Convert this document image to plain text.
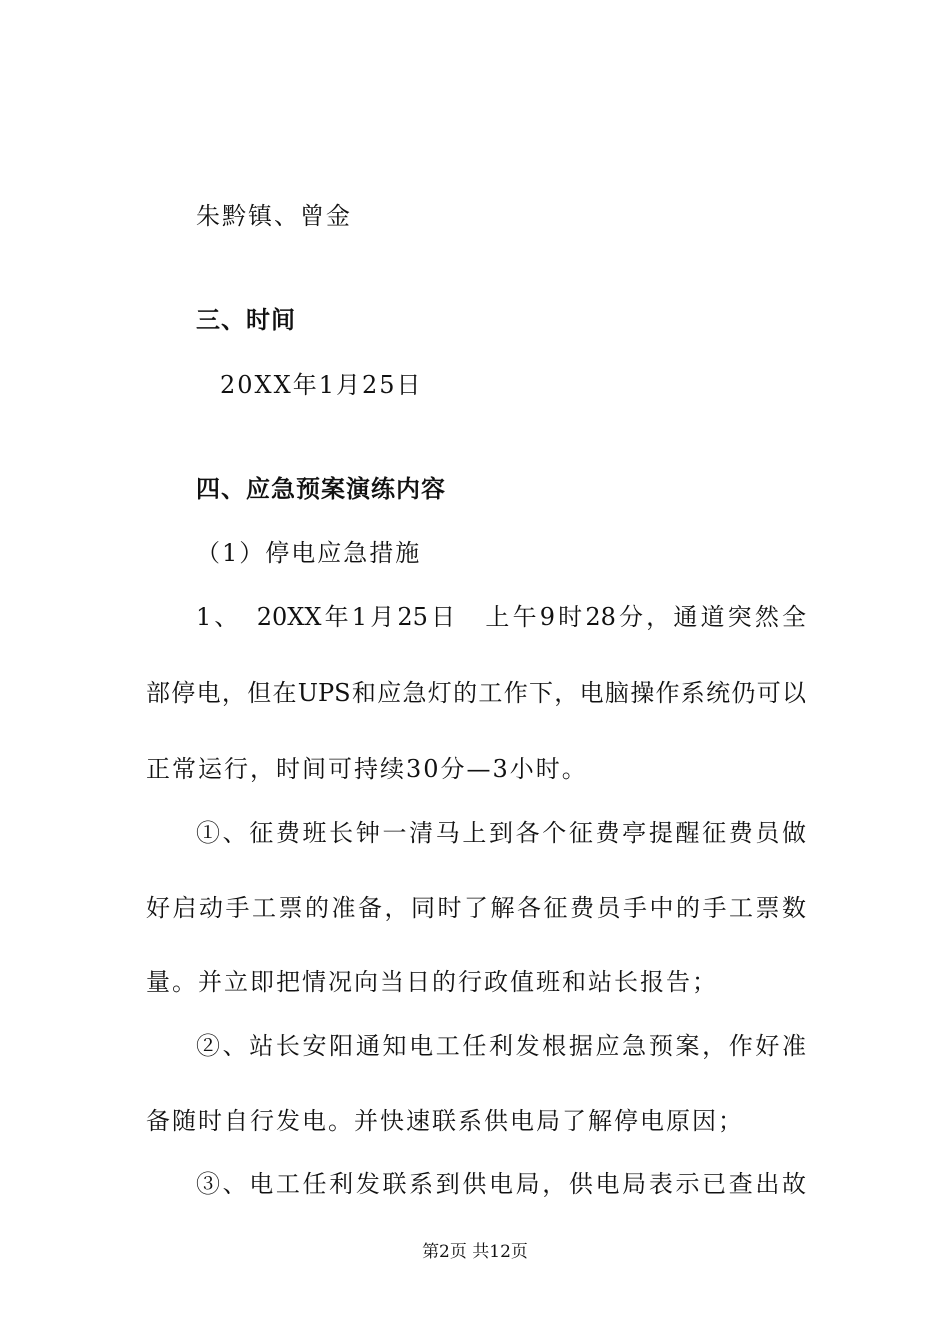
朱黔镇、曾金
三、时间
20XX年1月25日
四、应急预案演练内容
（1）停电应急措施
1、　20XX年1月25日　上午9时28分，通道突然全
部停电，但在UPS和应急灯的工作下，电脑操作系统仍可以
正常运行，时间可持续30分—3小时。
①、征费班长钟一清马上到各个征费亭提醒征费员做
好启动手工票的准备，同时了解各征费员手中的手工票数
量。并立即把情况向当日的行政值班和站长报告；
②、站长安阳通知电工任利发根据应急预案，作好准
备随时自行发电。并快速联系供电局了解停电原因；
③、电工任利发联系到供电局，供电局表示已查出故
第2页 共12页
